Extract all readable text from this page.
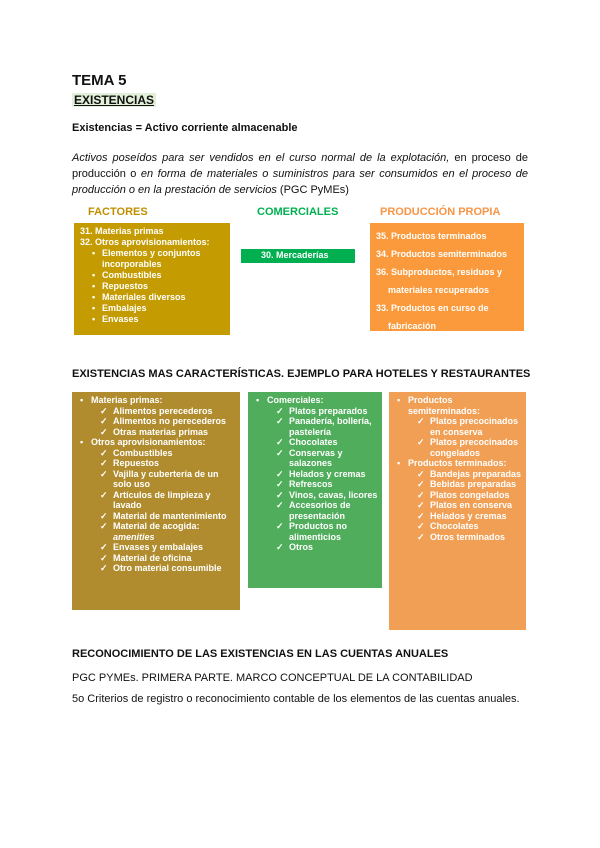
TEMA 5
EXISTENCIAS
Existencias = Activo corriente almacenable
Activos poseídos para ser vendidos en el curso normal de la explotación, en proceso de producción o en forma de materiales o suministros para ser consumidos en el proceso de producción o en la prestación de servicios (PGC PyMEs)
FACTORES	COMERCIALES	PRODUCCIÓN PROPIA
31. Materias primas
32. Otros aprovisionamientos:
• Elementos y conjuntos incorporables
• Combustibles
• Repuestos
• Materiales diversos
• Embalajes
• Envases
30. Mercaderías
35. Productos terminados
34. Productos semiterminados
36. Subproductos, residuos y
materiales recuperados
33. Productos en curso de
fabricación
EXISTENCIAS MAS CARACTERÍSTICAS. EJEMPLO PARA HOTELES Y RESTAURANTES
▪ Materias primas:
✓ Alimentos perecederos
✓ Alimentos no perecederos
✓ Otras materias primas
▪ Otros aprovisionamientos:
✓ Combustibles
✓ Repuestos
✓ Vajilla y cubertería de un solo uso
✓ Artículos de limpieza y lavado
✓ Material de mantenimiento
✓ Material de acogida:
amenities
✓ Envases y embalajes
✓ Material de oficina
✓ Otro material consumible
▪ Comerciales:
✓ Platos preparados
✓ Panadería, bollería, pastelería
✓ Chocolates
✓ Conservas y salazones
✓ Helados y cremas
✓ Refrescos
✓ Vinos, cavas, licores
✓ Accesorios de presentación
✓ Productos no alimenticios
✓ Otros
▪ Productos semiterminados:
✓ Platos precocinados en conserva
✓ Platos precocinados congelados
▪ Productos terminados:
✓ Bandejas preparadas
✓ Bebidas preparadas
✓ Platos congelados
✓ Platos en conserva
✓ Helados y cremas
✓ Chocolates
✓ Otros terminados
RECONOCIMIENTO DE LAS EXISTENCIAS EN LAS CUENTAS ANUALES
PGC PYMEs. PRIMERA PARTE. MARCO CONCEPTUAL DE LA CONTABILIDAD
5o Criterios de registro o reconocimiento contable de los elementos de las cuentas anuales.
